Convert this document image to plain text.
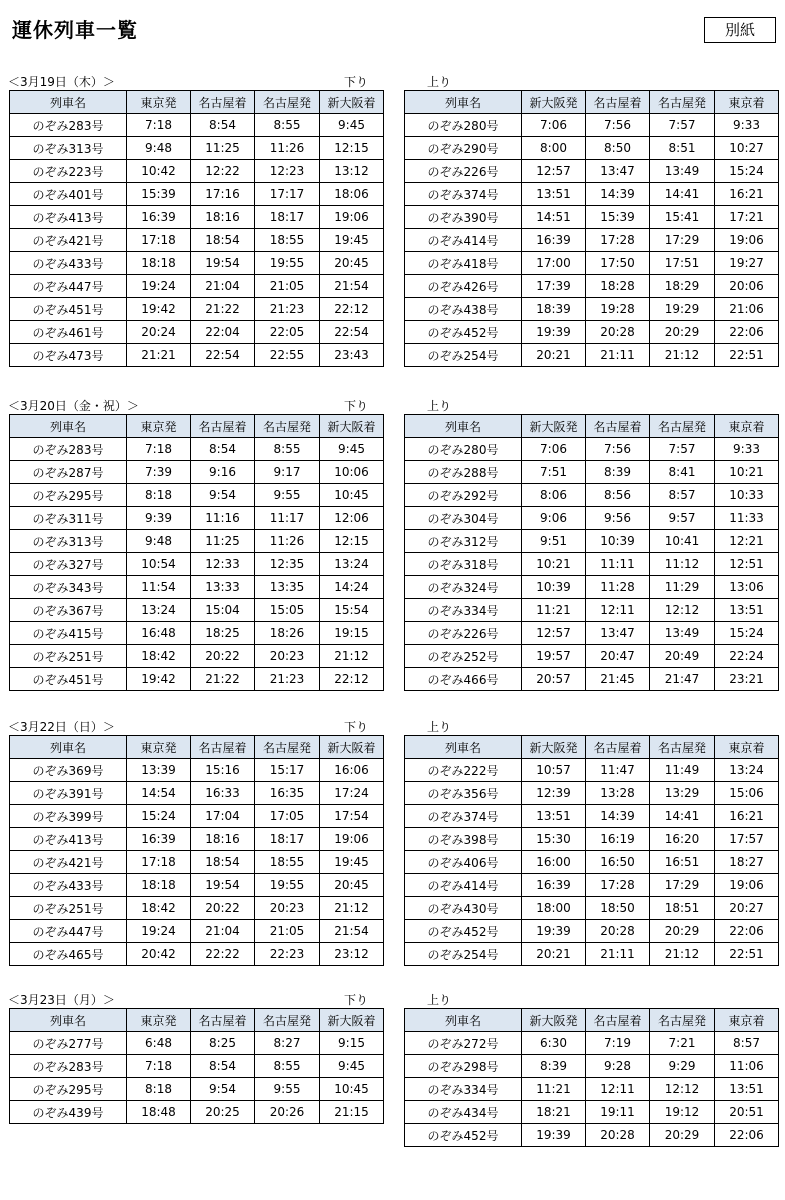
運休列車一覧	別紙
＜3月19日（木）＞	下り	上り
列車名	東京発	名古屋着	名古屋発	新大阪着
のぞみ283号	7:18	8:54	8:55	9:45
のぞみ313号	9:48	11:25	11:26	12:15
のぞみ223号	10:42	12:22	12:23	13:12
のぞみ401号	15:39	17:16	17:17	18:06
のぞみ413号	16:39	18:16	18:17	19:06
のぞみ421号	17:18	18:54	18:55	19:45
のぞみ433号	18:18	19:54	19:55	20:45
のぞみ447号	19:24	21:04	21:05	21:54
のぞみ451号	19:42	21:22	21:23	22:12
のぞみ461号	20:24	22:04	22:05	22:54
のぞみ473号	21:21	22:54	22:55	23:43
列車名	新大阪発	名古屋着	名古屋発	東京着
のぞみ280号	7:06	7:56	7:57	9:33
のぞみ290号	8:00	8:50	8:51	10:27
のぞみ226号	12:57	13:47	13:49	15:24
のぞみ374号	13:51	14:39	14:41	16:21
のぞみ390号	14:51	15:39	15:41	17:21
のぞみ414号	16:39	17:28	17:29	19:06
のぞみ418号	17:00	17:50	17:51	19:27
のぞみ426号	17:39	18:28	18:29	20:06
のぞみ438号	18:39	19:28	19:29	21:06
のぞみ452号	19:39	20:28	20:29	22:06
のぞみ254号	20:21	21:11	21:12	22:51
＜3月20日（金・祝）＞	下り	上り
列車名	東京発	名古屋着	名古屋発	新大阪着
のぞみ283号	7:18	8:54	8:55	9:45
のぞみ287号	7:39	9:16	9:17	10:06
のぞみ295号	8:18	9:54	9:55	10:45
のぞみ311号	9:39	11:16	11:17	12:06
のぞみ313号	9:48	11:25	11:26	12:15
のぞみ327号	10:54	12:33	12:35	13:24
のぞみ343号	11:54	13:33	13:35	14:24
のぞみ367号	13:24	15:04	15:05	15:54
のぞみ415号	16:48	18:25	18:26	19:15
のぞみ251号	18:42	20:22	20:23	21:12
のぞみ451号	19:42	21:22	21:23	22:12
列車名	新大阪発	名古屋着	名古屋発	東京着
のぞみ280号	7:06	7:56	7:57	9:33
のぞみ288号	7:51	8:39	8:41	10:21
のぞみ292号	8:06	8:56	8:57	10:33
のぞみ304号	9:06	9:56	9:57	11:33
のぞみ312号	9:51	10:39	10:41	12:21
のぞみ318号	10:21	11:11	11:12	12:51
のぞみ324号	10:39	11:28	11:29	13:06
のぞみ334号	11:21	12:11	12:12	13:51
のぞみ226号	12:57	13:47	13:49	15:24
のぞみ252号	19:57	20:47	20:49	22:24
のぞみ466号	20:57	21:45	21:47	23:21
＜3月22日（日）＞	下り	上り
列車名	東京発	名古屋着	名古屋発	新大阪着
のぞみ369号	13:39	15:16	15:17	16:06
のぞみ391号	14:54	16:33	16:35	17:24
のぞみ399号	15:24	17:04	17:05	17:54
のぞみ413号	16:39	18:16	18:17	19:06
のぞみ421号	17:18	18:54	18:55	19:45
のぞみ433号	18:18	19:54	19:55	20:45
のぞみ251号	18:42	20:22	20:23	21:12
のぞみ447号	19:24	21:04	21:05	21:54
のぞみ465号	20:42	22:22	22:23	23:12
列車名	新大阪発	名古屋着	名古屋発	東京着
のぞみ222号	10:57	11:47	11:49	13:24
のぞみ356号	12:39	13:28	13:29	15:06
のぞみ374号	13:51	14:39	14:41	16:21
のぞみ398号	15:30	16:19	16:20	17:57
のぞみ406号	16:00	16:50	16:51	18:27
のぞみ414号	16:39	17:28	17:29	19:06
のぞみ430号	18:00	18:50	18:51	20:27
のぞみ452号	19:39	20:28	20:29	22:06
のぞみ254号	20:21	21:11	21:12	22:51
＜3月23日（月）＞	下り	上り
列車名	東京発	名古屋着	名古屋発	新大阪着
のぞみ277号	6:48	8:25	8:27	9:15
のぞみ283号	7:18	8:54	8:55	9:45
のぞみ295号	8:18	9:54	9:55	10:45
のぞみ439号	18:48	20:25	20:26	21:15
列車名	新大阪発	名古屋着	名古屋発	東京着
のぞみ272号	6:30	7:19	7:21	8:57
のぞみ298号	8:39	9:28	9:29	11:06
のぞみ334号	11:21	12:11	12:12	13:51
のぞみ434号	18:21	19:11	19:12	20:51
のぞみ452号	19:39	20:28	20:29	22:06
